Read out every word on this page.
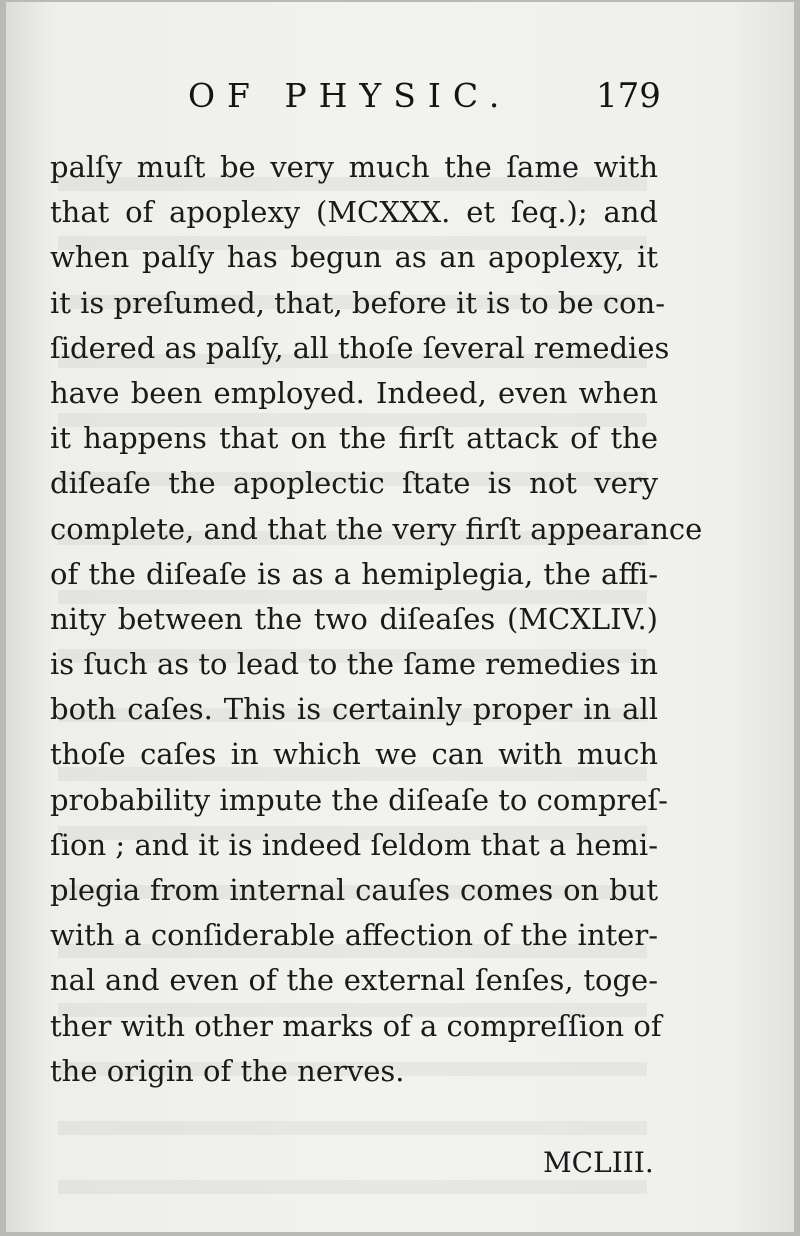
OF PHYSIC. 179
palſy muſt be very much the ſame with
that of apoplexy (MCXXX. et ſeq.); and
when palſy has begun as an apoplexy, it
it is preſumed, that, before it is to be con-
ſidered as palſy, all thoſe ſeveral remedies
have been employed. Indeed, even when
it happens that on the firſt attack of the
diſeaſe the apoplectic ſtate is not very
complete, and that the very firſt appearance
of the diſeaſe is as a hemiplegia, the affi-
nity between the two diſeaſes (MCXLIV.)
is ſuch as to lead to the ſame remedies in
both caſes. This is certainly proper in all
thoſe caſes in which we can with much
probability impute the diſeaſe to compreſ-
ſion ; and it is indeed ſeldom that a hemi-
plegia from internal cauſes comes on but
with a conſiderable affection of the inter-
nal and even of the external ſenſes, toge-
ther with other marks of a compreſſion of
the origin of the nerves.
MCLIII.
